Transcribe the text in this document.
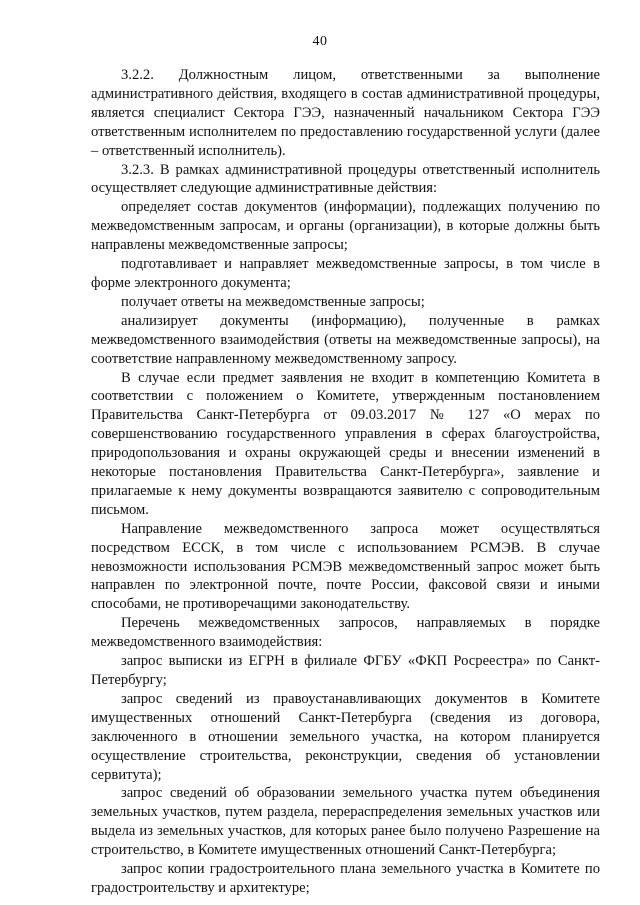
40

3.2.2. Должностным лицом, ответственными за выполнение административного действия, входящего в состав административной процедуры, является специалист Сектора ГЭЭ, назначенный начальником Сектора ГЭЭ ответственным исполнителем по предоставлению государственной услуги (далее – ответственный исполнитель).

3.2.3. В рамках административной процедуры ответственный исполнитель осуществляет следующие административные действия:

определяет состав документов (информации), подлежащих получению по межведомственным запросам, и органы (организации), в которые должны быть направлены межведомственные запросы;

подготавливает и направляет межведомственные запросы, в том числе в форме электронного документа;

получает ответы на межведомственные запросы;

анализирует документы (информацию), полученные в рамках межведомственного взаимодействия (ответы на межведомственные запросы), на соответствие направленному межведомственному запросу.

В случае если предмет заявления не входит в компетенцию Комитета в соответствии с положением о Комитете, утвержденным постановлением Правительства Санкт-Петербурга от 09.03.2017 № 127 «О мерах по совершенствованию государственного управления в сферах благоустройства, природопользования и охраны окружающей среды и внесении изменений в некоторые постановления Правительства Санкт-Петербурга», заявление и прилагаемые к нему документы возвращаются заявителю с сопроводительным письмом.

Направление межведомственного запроса может осуществляться посредством ЕССК, в том числе с использованием РСМЭВ. В случае невозможности использования РСМЭВ межведомственный запрос может быть направлен по электронной почте, почте России, факсовой связи и иными способами, не противоречащими законодательству.

Перечень межведомственных запросов, направляемых в порядке межведомственного взаимодействия:

запрос выписки из ЕГРН в филиале ФГБУ «ФКП Росреестра» по Санкт-Петербургу;

запрос сведений из правоустанавливающих документов в Комитете имущественных отношений Санкт-Петербурга (сведения из договора, заключенного в отношении земельного участка, на котором планируется осуществление строительства, реконструкции, сведения об установлении сервитута);

запрос сведений об образовании земельного участка путем объединения земельных участков, путем раздела, перераспределения земельных участков или выдела из земельных участков, для которых ранее было получено Разрешение на строительство, в Комитете имущественных отношений Санкт-Петербурга;

запрос копии градостроительного плана земельного участка в Комитете по градостроительству и архитектуре;
